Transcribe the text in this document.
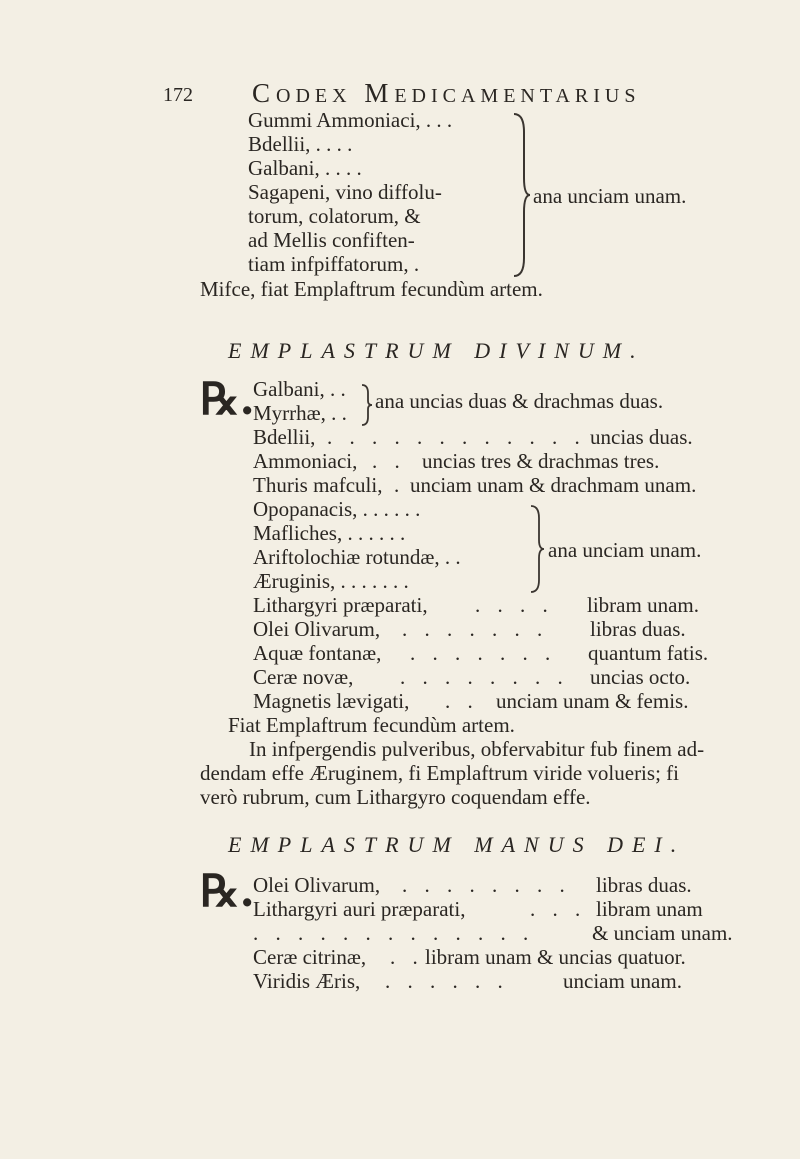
172 CODEX MEDICAMENTARIUS
Gummi Ammoniaci, . . .
Bdellii, . . . .
Galbani, . . . .
Sagapeni, vino diffolu-
torum, colatorum, &
ad Mellis confiften-
tiam infpiffatorum, .
ana unciam unam.
Mifce, fiat Emplaftrum fecundùm artem.
EMPLASTRUM DIVINUM.
℞.
Galbani, . .
Myrrhæ, . . ana uncias duas & drachmas duas.
Bdellii, . . . . . . . . . . . . uncias duas.
Ammoniaci, . . uncias tres & drachmas tres.
Thuris mafculi, . unciam unam & drachmam unam.
Opopanacis, . . . . . .
Mafliches, . . . . . .
Ariftolochiæ rotundæ, . .
Æruginis, . . . . . . .
ana unciam unam.
Lithargyri præparati, . . . . libram unam.
Olei Olivarum, . . . . . . . libras duas.
Aquæ fontanæ, . . . . . . . quantum fatis.
Ceræ novæ, . . . . . . . . uncias octo.
Magnetis lævigati, . . unciam unam & femis.
Fiat Emplaftrum fecundùm artem.
In infpergendis pulveribus, obfervabitur fub finem ad-
dendam effe Æruginem, fi Emplaftrum viride volueris; fi
verò rubrum, cum Lithargyro coquendam effe.
EMPLASTRUM MANUS DEI.
℞.
Olei Olivarum, . . . . . . . . libras duas.
Lithargyri auri præparati,	. . . libram unam
. . . . . . . . . . . . .	& unciam unam.
Ceræ citrinæ, . . libram unam & uncias quatuor.
Viridis Æris, . . . . . .	unciam unam.
